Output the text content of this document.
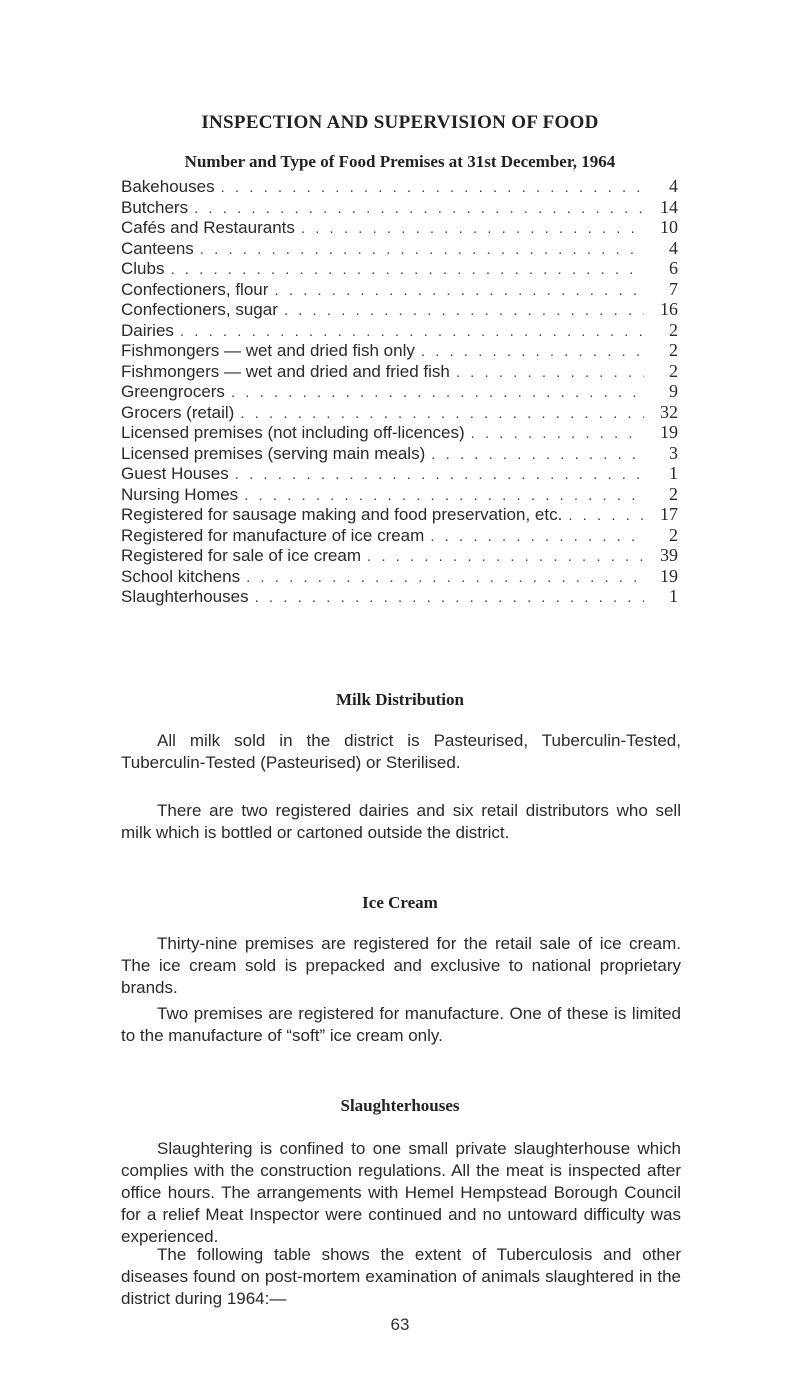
INSPECTION AND SUPERVISION OF FOOD
Number and Type of Food Premises at 31st December, 1964
Bakehouses . . .	4
Butchers . . .	14
Cafés and Restaurants . . .	10
Canteens . . .	4
Clubs . . .	6
Confectioners, flour . . .	7
Confectioners, sugar . . .	16
Dairies . . .	2
Fishmongers — wet and dried fish only . . .	2
Fishmongers — wet and dried and fried fish . . .	2
Greengrocers . . .	9
Grocers (retail) . . .	32
Licensed premises (not including off-licences) . . .	19
Licensed premises (serving main meals) . . .	3
Guest Houses . . .	1
Nursing Homes . . .	2
Registered for sausage making and food preservation, etc. . . .	17
Registered for manufacture of ice cream . . .	2
Registered for sale of ice cream . . .	39
School kitchens . . .	19
Slaughterhouses . . .	1
Milk Distribution

All milk sold in the district is Pasteurised, Tuberculin-Tested, Tuberculin-Tested (Pasteurised) or Sterilised.

There are two registered dairies and six retail distributors who sell milk which is bottled or cartoned outside the district.

Ice Cream

Thirty-nine premises are registered for the retail sale of ice cream. The ice cream sold is prepacked and exclusive to national proprietary brands.

Two premises are registered for manufacture. One of these is limited to the manufacture of “soft” ice cream only.

Slaughterhouses

Slaughtering is confined to one small private slaughterhouse which complies with the construction regulations. All the meat is inspected after office hours. The arrangements with Hemel Hempstead Borough Council for a relief Meat Inspector were continued and no untoward difficulty was experienced.

The following table shows the extent of Tuberculosis and other diseases found on post-mortem examination of animals slaughtered in the district during 1964:—

63
